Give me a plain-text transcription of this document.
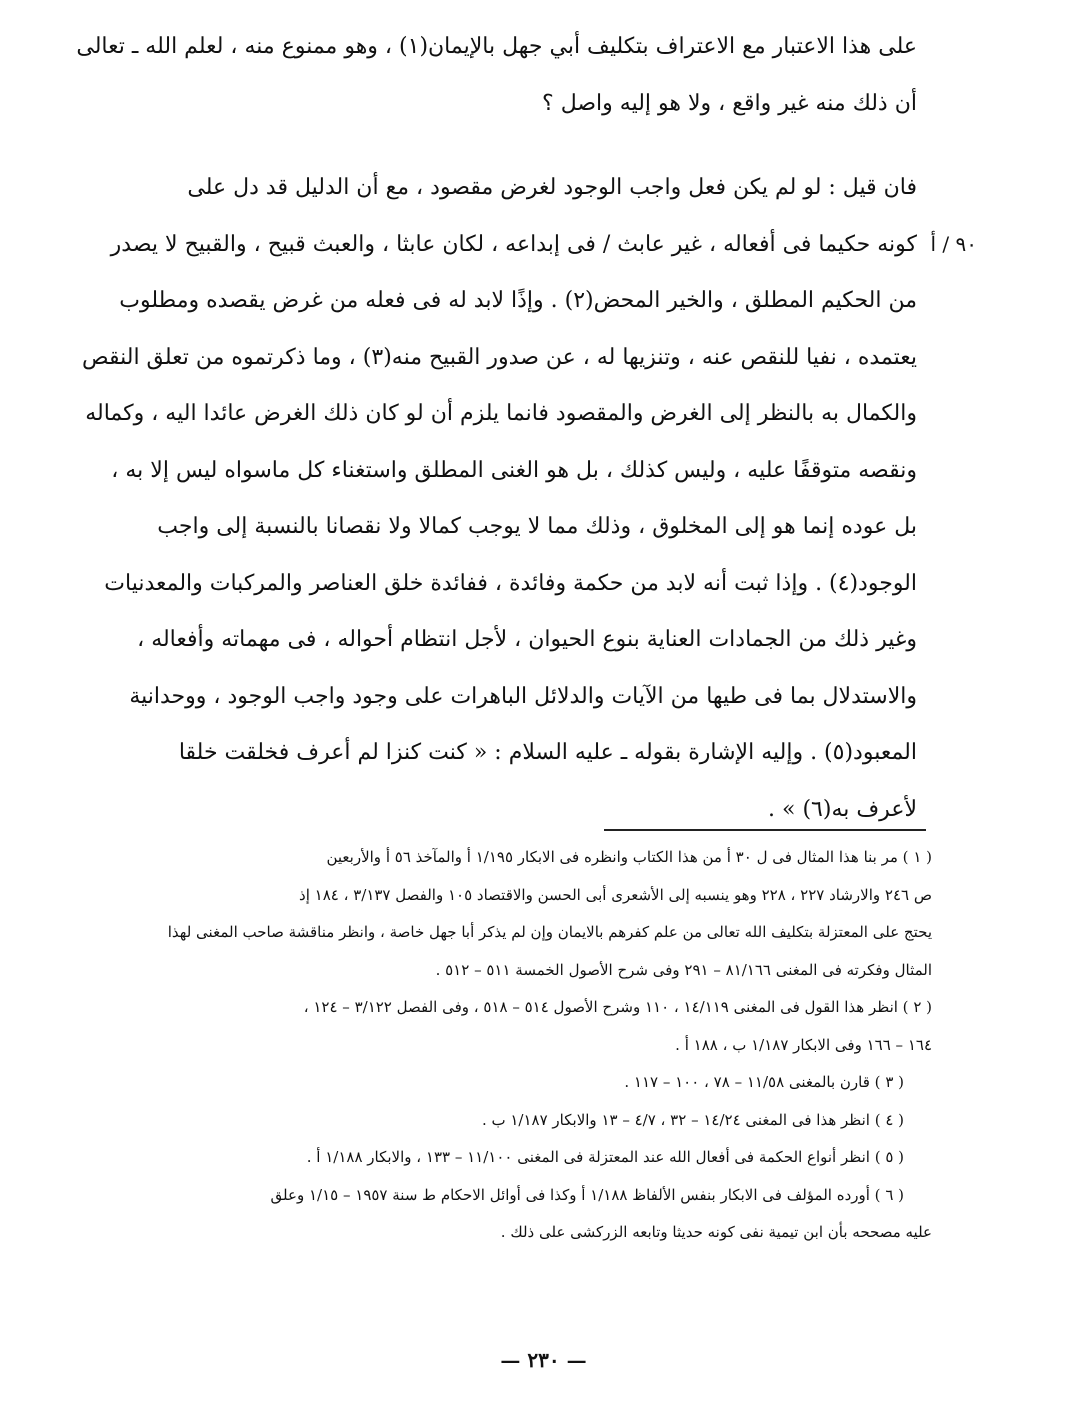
على هذا الاعتبار مع الاعتراف بتكليف أبي جهل بالإيمان(١) ، وهو ممنوع منه ، لعلم الله ـ تعالى
أن ذلك منه غير واقع ، ولا هو إليه واصل ؟
فان قيل : لو لم يكن فعل واجب الوجود لغرض مقصود ، مع أن الدليل قد دل على
كونه حكيما فى أفعاله ، غير عابث / فى إبداعه ، لكان عابثا ، والعبث قبيح ، والقبيح لا يصدر
من الحكيم المطلق ، والخير المحض(٢) . وإذًا لابد له فى فعله من غرض يقصده ومطلوب
يعتمده ، نفيا للنقص عنه ، وتنزيها له ، عن صدور القبيح منه(٣) ، وما ذكرتموه من تعلق النقص
والكمال به بالنظر إلى الغرض والمقصود فانما يلزم أن لو كان ذلك الغرض عائدا اليه ، وكماله
ونقصه متوقفًا عليه ، وليس كذلك ، بل هو الغنى المطلق واستغناء كل ماسواه ليس إلا به ،
بل عوده إنما هو إلى المخلوق ، وذلك مما لا يوجب كمالا ولا نقصانا بالنسبة إلى واجب
الوجود(٤) . وإذا ثبت أنه لابد من حكمة وفائدة ، ففائدة خلق العناصر والمركبات والمعدنيات
وغير ذلك من الجمادات العناية بنوع الحيوان ، لأجل انتظام أحواله ، فى مهماته وأفعاله ،
والاستدلال بما فى طيها من الآيات والدلائل الباهرات على وجود واجب الوجود ، ووحدانية
المعبود(٥) . وإليه الإشارة بقوله ـ عليه السلام : « كنت كنزا لم أعرف فخلقت خلقا
لأعرف به(٦) » .
٩٠ / أ
( ١ ) مر بنا هذا المثال فى ل ٣٠ أ من هذا الكتاب وانظره فى الابكار ١/١٩٥ أ والمآخذ ٥٦ أ والأربعين
ص ٢٤٦ والارشاد ٢٢٧ ، ٢٢٨ وهو ينسبه إلى الأشعرى أبى الحسن والاقتصاد ١٠٥ والفصل ٣/١٣٧ ، ١٨٤ إذ
يحتج على المعتزلة بتكليف الله تعالى من علم كفرهم بالايمان وإن لم يذكر أبا جهل خاصة ، وانظر مناقشة صاحب المغنى لهذا
المثال وفكرته فى المغنى ٨١/١٦٦ – ٢٩١ وفى شرح الأصول الخمسة ٥١١ – ٥١٢ .
( ٢ ) انظر هذا القول فى المغنى ١٤/١١٩ ، ١١٠ وشرح الأصول ٥١٤ – ٥١٨ ، وفى الفصل ٣/١٢٢ – ١٢٤ ،
١٦٤ – ١٦٦ وفى الابكار ١/١٨٧ ب ، ١٨٨ أ .
( ٣ ) قارن بالمغنى ١١/٥٨ – ٧٨ ، ١٠٠ – ١١٧ .
( ٤ ) انظر هذا فى المغنى ١٤/٢٤ – ٣٢ ، ٤/٧ – ١٣ والابكار ١/١٨٧ ب .
( ٥ ) انظر أنواع الحكمة فى أفعال الله عند المعتزلة فى المغنى ١١/١٠٠ – ١٣٣ ، والابكار ١/١٨٨ أ .
( ٦ ) أورده المؤلف فى الابكار بنفس الألفاظ ١/١٨٨ أ وكذا فى أوائل الاحكام ط سنة ١٩٥٧ – ١/١٥ وعلق
عليه مصححه بأن ابن تيمية نفى كونه حديثا وتابعه الزركشى على ذلك .
— ٢٣٠ —
